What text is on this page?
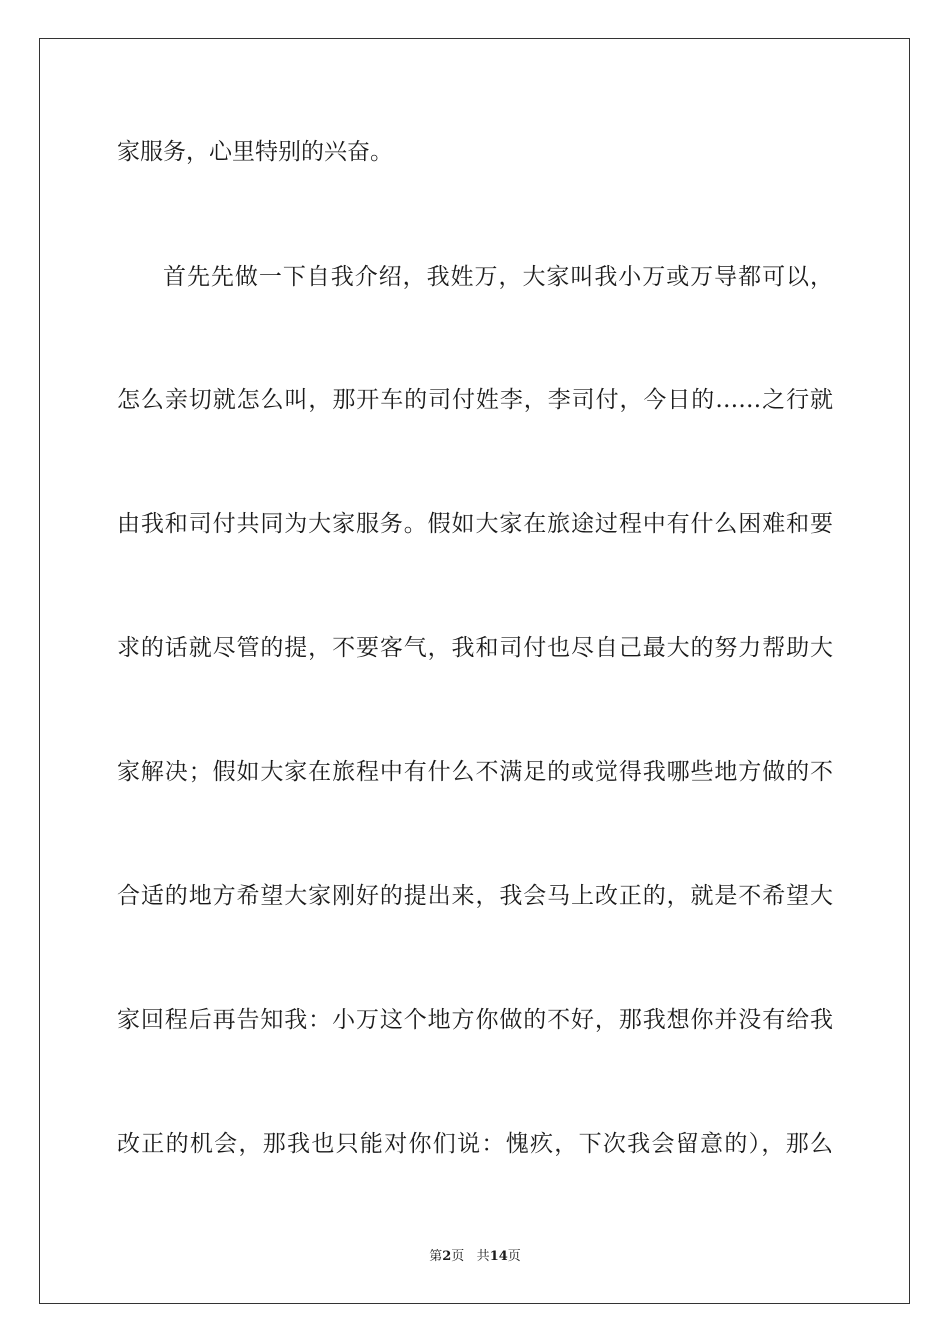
家服务，心里特别的兴奋。
首先先做一下自我介绍，我姓万，大家叫我小万或万导都可以，
怎么亲切就怎么叫，那开车的司付姓李，李司付，今日的……之行就
由我和司付共同为大家服务。假如大家在旅途过程中有什么困难和要
求的话就尽管的提，不要客气，我和司付也尽自己最大的努力帮助大
家解决；假如大家在旅程中有什么不满足的或觉得我哪些地方做的不
合适的地方希望大家刚好的提出来，我会马上改正的，就是不希望大
家回程后再告知我：小万这个地方你做的不好，那我想你并没有给我
改正的机会，那我也只能对你们说：愧疚，下次我会留意的），那么
第2页 共14页
